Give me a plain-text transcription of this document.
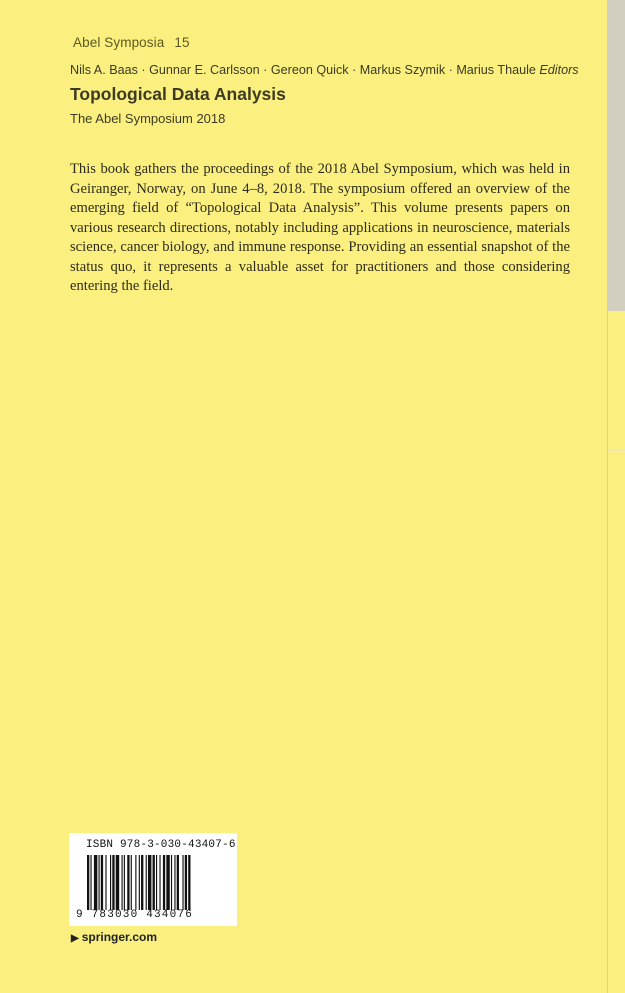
Abel Symposia 15
Nils A. Baas · Gunnar E. Carlsson · Gereon Quick · Markus Szymik · Marius Thaule Editors
Topological Data Analysis
The Abel Symposium 2018
This book gathers the proceedings of the 2018 Abel Symposium, which was held in Geiranger, Norway, on June 4–8, 2018. The symposium offered an overview of the emerging field of “Topological Data Analysis”. This volume presents papers on various research directions, notably including applications in neuroscience, materials science, cancer biology, and immune response. Providing an essential snapshot of the status quo, it represents a valuable asset for practitioners and those considering entering the field.
ISBN 978-3-030-43407-6
9 783030 434076
▶ springer.com
